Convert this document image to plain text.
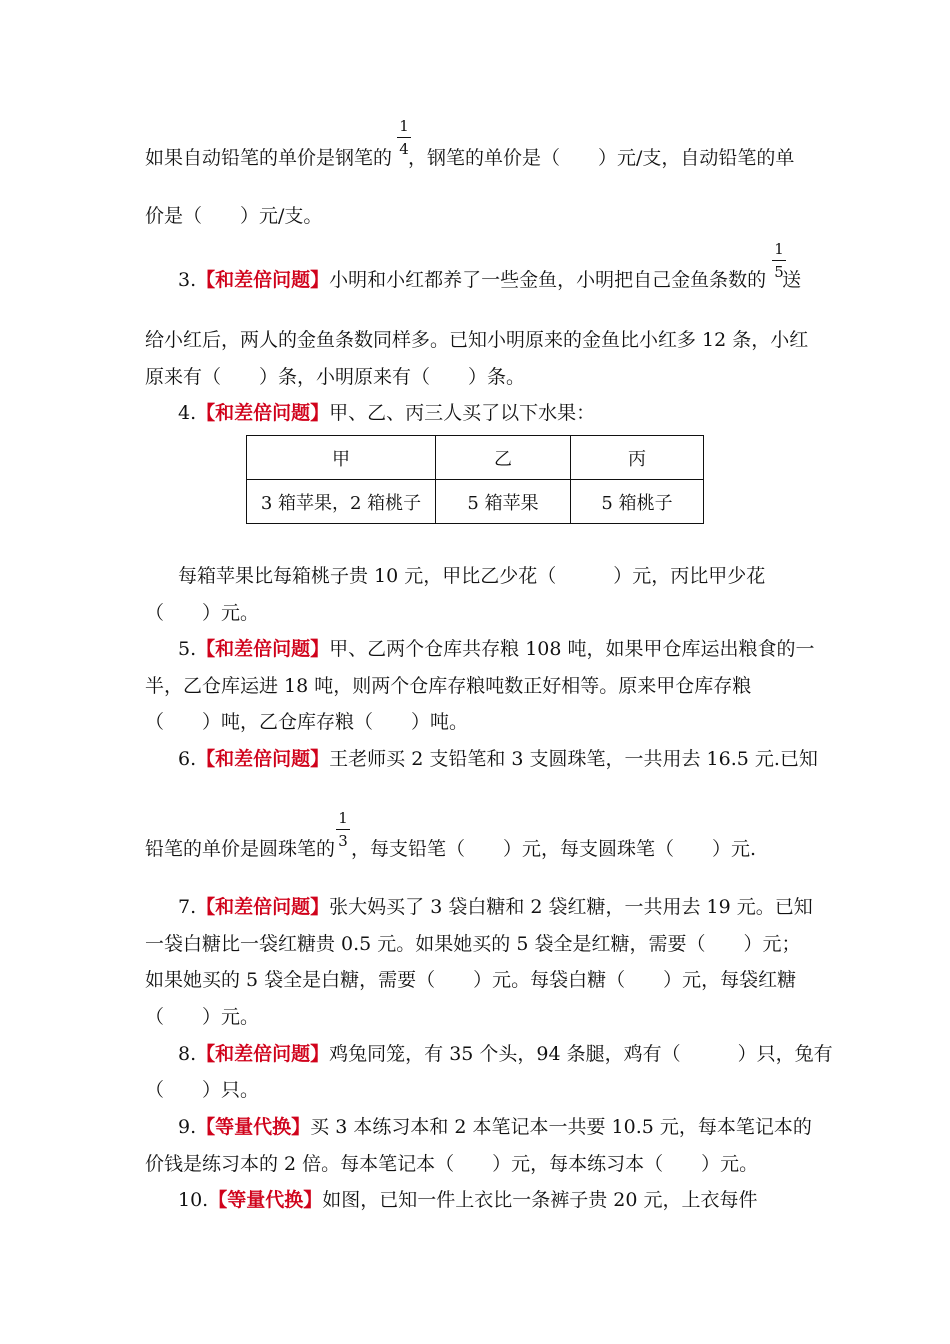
$\frac{1}{4}$
如果自动铅笔的单价是钢笔的 ，钢笔的单价是（　　）元/支，自动铅笔的单
价是（　　）元/支。
$\frac{1}{5}$
3.【和差倍问题】小明和小红都养了一些金鱼，小明把自己金鱼条数的 送
给小红后，两人的金鱼条数同样多。已知小明原来的金鱼比小红多 12 条，小红
原来有（　　）条，小明原来有（　　）条。
4.【和差倍问题】甲、乙、丙三人买了以下水果：
甲	乙	丙
3 箱苹果，2 箱桃子	5 箱苹果	5 箱桃子
每箱苹果比每箱桃子贵 10 元，甲比乙少花（　　　）元，丙比甲少花
（　　）元。
5.【和差倍问题】甲、乙两个仓库共存粮 108 吨，如果甲仓库运出粮食的一
半，乙仓库运进 18 吨，则两个仓库存粮吨数正好相等。原来甲仓库存粮
（　　）吨，乙仓库存粮（　　）吨。
6.【和差倍问题】王老师买 2 支铅笔和 3 支圆珠笔，一共用去 16.5 元.已知
$\frac{1}{3}$
铅笔的单价是圆珠笔的 ，每支铅笔（　　）元，每支圆珠笔（　　）元.
7.【和差倍问题】张大妈买了 3 袋白糖和 2 袋红糖，一共用去 19 元。已知
一袋白糖比一袋红糖贵 0.5 元。如果她买的 5 袋全是红糖，需要（　　）元；
如果她买的 5 袋全是白糖，需要（　　）元。每袋白糖（　　）元，每袋红糖
（　　）元。
8.【和差倍问题】鸡兔同笼，有 35 个头，94 条腿，鸡有（　　　）只，兔有
（　　）只。
9.【等量代换】买 3 本练习本和 2 本笔记本一共要 10.5 元，每本笔记本的
价钱是练习本的 2 倍。每本笔记本（　　）元，每本练习本（　　）元。
10.【等量代换】如图，已知一件上衣比一条裤子贵 20 元，上衣每件
